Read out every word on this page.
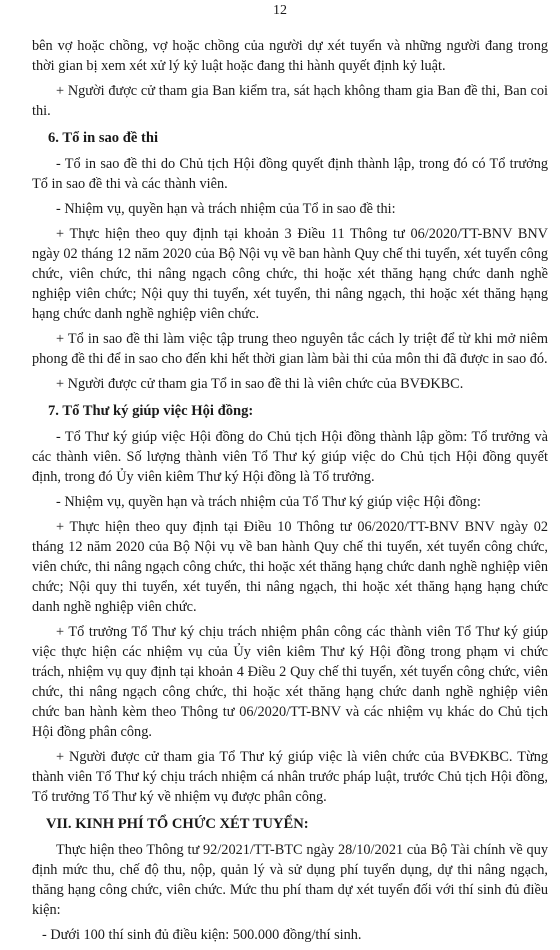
12

bên vợ hoặc chồng, vợ hoặc chồng của người dự xét tuyển và những người đang trong thời gian bị xem xét xử lý kỷ luật hoặc đang thi hành quyết định kỷ luật.

+ Người được cử tham gia Ban kiểm tra, sát hạch không tham gia Ban đề thi, Ban coi thi.

6. Tổ in sao đề thi

- Tổ in sao đề thi do Chủ tịch Hội đồng quyết định thành lập, trong đó có Tổ trưởng Tổ in sao đề thi và các thành viên.

- Nhiệm vụ, quyền hạn và trách nhiệm của Tổ in sao đề thi:

+ Thực hiện theo quy định tại khoản 3 Điều 11 Thông tư 06/2020/TT-BNV BNV ngày 02 tháng 12 năm 2020 của Bộ Nội vụ về ban hành Quy chế thi tuyển, xét tuyển công chức, viên chức, thi nâng ngạch công chức, thi hoặc xét thăng hạng chức danh nghề nghiệp viên chức; Nội quy thi tuyển, xét tuyển, thi nâng ngạch, thi hoặc xét thăng hạng hạng chức danh nghề nghiệp viên chức.

+ Tổ in sao đề thi làm việc tập trung theo nguyên tắc cách ly triệt để từ khi mở niêm phong đề thi để in sao cho đến khi hết thời gian làm bài thi của môn thi đã được in sao đó.

+ Người được cử tham gia Tổ in sao đề thi là viên chức của BVĐKBC.

7. Tổ Thư ký giúp việc Hội đồng:

- Tổ Thư ký giúp việc Hội đồng do Chủ tịch Hội đồng thành lập gồm: Tổ trưởng và các thành viên. Số lượng thành viên Tổ Thư ký giúp việc do Chủ tịch Hội đồng quyết định, trong đó Ủy viên kiêm Thư ký Hội đồng là Tổ trưởng.

- Nhiệm vụ, quyền hạn và trách nhiệm của Tổ Thư ký giúp việc Hội đồng:

+ Thực hiện theo quy định tại Điều 10 Thông tư 06/2020/TT-BNV BNV ngày 02 tháng 12 năm 2020 của Bộ Nội vụ về ban hành Quy chế thi tuyển, xét tuyển công chức, viên chức, thi nâng ngạch công chức, thi hoặc xét thăng hạng chức danh nghề nghiệp viên chức; Nội quy thi tuyển, xét tuyển, thi nâng ngạch, thi hoặc xét thăng hạng hạng chức danh nghề nghiệp viên chức.

+ Tổ trưởng Tổ Thư ký chịu trách nhiệm phân công các thành viên Tổ Thư ký giúp việc thực hiện các nhiệm vụ của Ủy viên kiêm Thư ký Hội đồng trong phạm vi chức trách, nhiệm vụ quy định tại khoản 4 Điều 2 Quy chế thi tuyển, xét tuyển công chức, viên chức, thi nâng ngạch công chức, thi hoặc xét thăng hạng chức danh nghề nghiệp viên chức ban hành kèm theo Thông tư 06/2020/TT-BNV và các nhiệm vụ khác do Chủ tịch Hội đồng phân công.

+ Người được cử tham gia Tổ Thư ký giúp việc là viên chức của BVĐKBC. Từng thành viên Tổ Thư ký chịu trách nhiệm cá nhân trước pháp luật, trước Chủ tịch Hội đồng, Tổ trưởng Tổ Thư ký về nhiệm vụ được phân công.

VII. KINH PHÍ TỔ CHỨC XÉT TUYỂN:

Thực hiện theo Thông tư 92/2021/TT-BTC ngày 28/10/2021 của Bộ Tài chính về quy định mức thu, chế độ thu, nộp, quản lý và sử dụng phí tuyển dụng, dự thi nâng ngạch, thăng hạng công chức, viên chức. Mức thu phí tham dự xét tuyển đối với thí sinh đủ điều kiện:

- Dưới 100 thí sinh đủ điều kiện: 500.000 đồng/thí sinh.
